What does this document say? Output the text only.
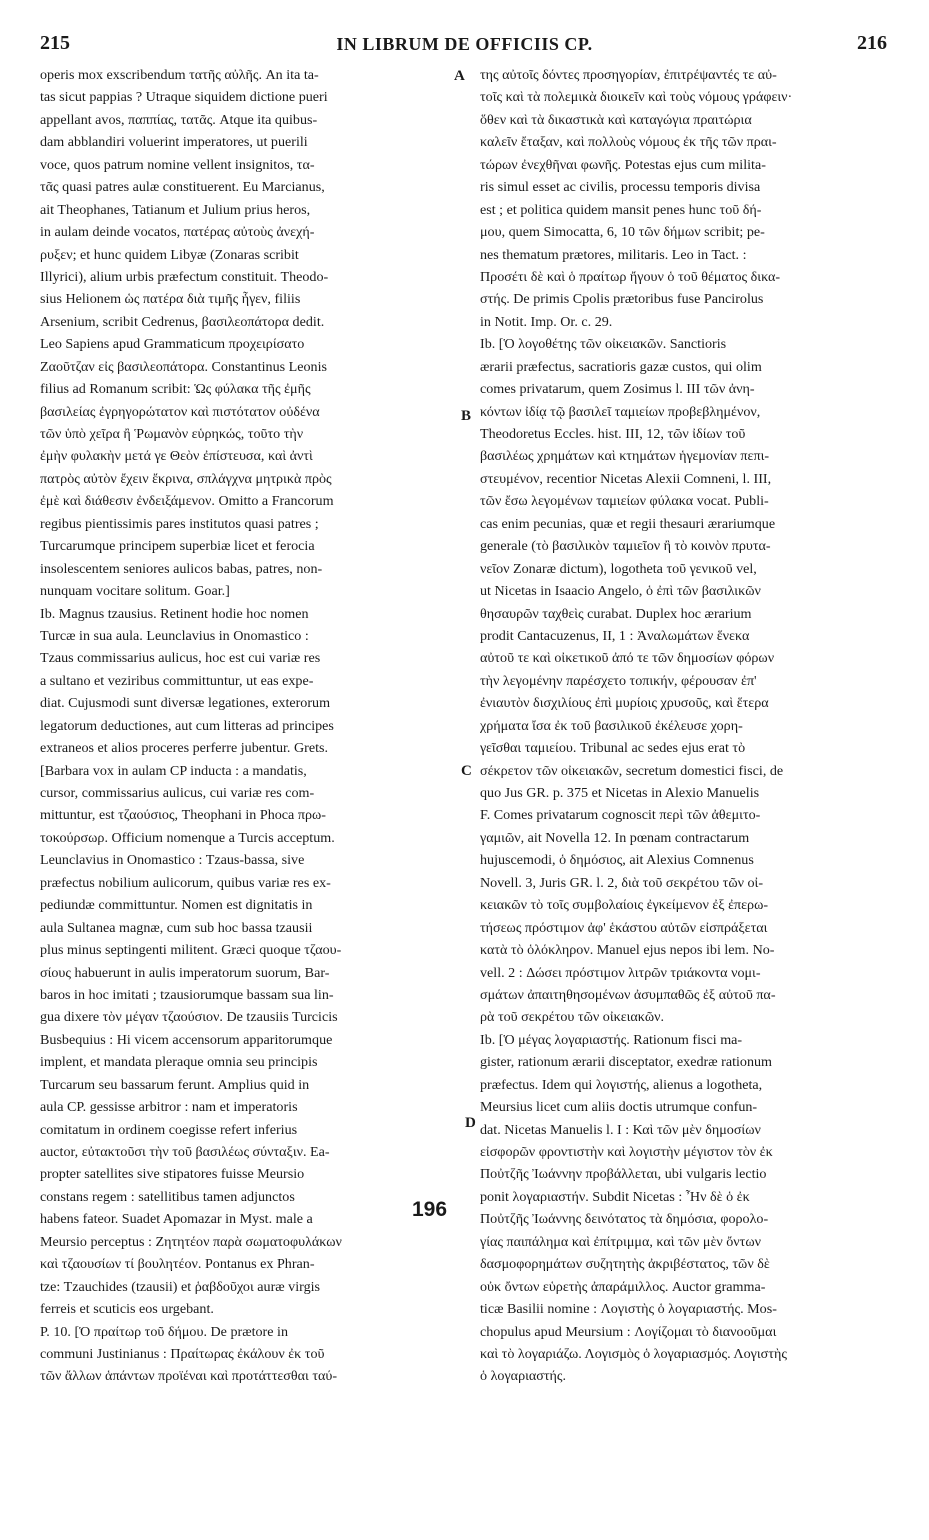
215	IN LIBRUM DE OFFICIIS CP.	216
operis mox exscribendum τατῆς αὐλῆς. An ita ta-
tas sicut pappias ? Utraque siquidem dictione pueri
appellant avos, παππίας, τατᾶς. Atque ita quibus-
dam abblandiri voluerint imperatores, ut puerili
voce, quos patrum nomine vellent insignitos, τα-
τᾶς quasi patres aulæ constituerent. Eu Marcianus,
ait Theophanes, Tatianum et Julium prius heros,
in aulam deinde vocatos, πατέρας αὐτοὺς ἀνεχή-
ρυξεν; et hunc quidem Libyæ (Zonaras scribit
Illyrici), alium urbis præfectum constituit. Theodo-
sius Helionem ὡς πατέρα διὰ τιμῆς ἦγεν, filiis
Arsenium, scribit Cedrenus, βασιλεοπάτορα dedit.
Leo Sapiens apud Grammaticum προχειρίσατο
Ζαοῦτζαν εἰς βασιλεοπάτορα. Constantinus Leonis
filius ad Romanum scribit: Ὡς φύλακα τῆς ἐμῆς
βασιλείας ἐγρηγορώτατον καὶ πιστότατον οὐδένα
τῶν ὑπὸ χεῖρα ἢ Ῥωμανὸν εὑρηκώς, τοῦτο τὴν
ἐμὴν φυλακὴν μετά γε Θεὸν ἐπίστευσα, καὶ ἀντὶ
πατρὸς αὐτὸν ἔχειν ἔκρινα, σπλάγχνα μητρικὰ πρὸς
ἐμὲ καὶ διάθεσιν ἐνδειξάμενον. Omitto a Francorum
regibus pientissimis pares institutos quasi patres ;
Turcarumque principem superbiæ licet et ferocia
insolescentem seniores aulicos babas, patres, non-
nunquam vocitare solitum. Goar.]
Ib. Magnus tzausius. Retinent hodie hoc nomen
Turcæ in sua aula. Leunclavius in Onomastico :
Tzaus commissarius aulicus, hoc est cui variæ res
a sultano et veziribus committuntur, ut eas expe-
diat. Cujusmodi sunt diversæ legationes, exterorum
legatorum deductiones, aut cum litteras ad principes
extraneos et alios proceres perferre jubentur. Grets.
[Barbara vox in aulam CP inducta : a mandatis,
cursor, commissarius aulicus, cui variæ res com-
mittuntur, est τζαούσιος, Theophani in Phoca πρω-
τοκούρσωρ. Officium nomenque a Turcis acceptum.
Leunclavius in Onomastico : Tzaus-bassa, sive
præfectus nobilium aulicorum, quibus variæ res ex-
pediundæ committuntur. Nomen est dignitatis in
aula Sultanea magnæ, cum sub hoc bassa tzausii
plus minus septingenti militent. Græci quoque τζαου-
σίους habuerunt in aulis imperatorum suorum, Bar-
baros in hoc imitati ; tzausiorumque bassam sua lin-
gua dixere τὸν μέγαν τζαούσιον. De tzausiis Turcicis
Busbequius : Hi vicem accensorum apparitorumque
implent, et mandata pleraque omnia seu principis
Turcarum seu bassarum ferunt. Amplius quid in
aula CP. gessisse arbitror : nam et imperatoris
comitatum in ordinem coegisse refert inferius
auctor, εὐτακτοῦσι τὴν τοῦ βασιλέως σύνταξιν. Ea-
propter satellites sive stipatores fuisse Meursio
constans regem : satellitibus tamen adjunctos
habens fateor. Suadet Apomazar in Myst. male a
Meursio perceptus : Ζητητέον παρὰ σωματοφυλάκων
καὶ τζαουσίων τί βουλητέον. Pontanus ex Phran-
tze: Tzauchides (tzausii) et ῥαβδοῦχοι auræ virgis
ferreis et scuticis eos urgebant.
P. 10. [Ὁ πραίτωρ τοῦ δήμου. De prætore in
communi Justinianus : Πραίτωρας ἐκάλουν ἐκ τοῦ
τῶν ἄλλων ἁπάντων προϊέναι καὶ προτάττεσθαι ταύ-
της αὐτοῖς δόντες προσηγορίαν, ἐπιτρέψαντές τε αὐ-
τοῖς καὶ τὰ πολεμικὰ διοικεῖν καὶ τοὺς νόμους γράφειν·
ὅθεν καὶ τὰ δικαστικὰ καὶ καταγώγια πραιτώρια
καλεῖν ἔταξαν, καὶ πολλοὺς νόμους ἐκ τῆς τῶν πραι-
τώρων ἐνεχθῆναι φωνῆς. Potestas ejus cum milita-
ris simul esset ac civilis, processu temporis divisa
est ; et politica quidem mansit penes hunc τοῦ δή-
μου, quem Simocatta, 6, 10 τῶν δήμων scribit; pe-
nes thematum prætores, militaris. Leo in Tact. :
Προσέτι δὲ καὶ ὁ πραίτωρ ἤγουν ὁ τοῦ θέματος δικα-
στής. De primis Cpolis prætoribus fuse Pancirolus
in Notit. Imp. Or. c. 29.
Ib. [Ὁ λογοθέτης τῶν οἰκειακῶν. Sanctioris
ærarii præfectus, sacratioris gazæ custos, qui olim
comes privatarum, quem Zosimus l. III τῶν ἀνη-
κόντων ἰδίᾳ τῷ βασιλεῖ ταμιείων προβεβλημένον,
Theodoretus Eccles. hist. III, 12, τῶν ἰδίων τοῦ
βασιλέως χρημάτων καὶ κτημάτων ἡγεμονίαν πεπι-
στευμένον, recentior Nicetas Alexii Comneni, l. III,
τῶν ἔσω λεγομένων ταμιείων φύλακα vocat. Publi-
cas enim pecunias, quæ et regii thesauri ærariumque
generale (τὸ βασιλικὸν ταμιεῖον ἢ τὸ κοινὸν πρυτα-
νεῖον Zonaræ dictum), logotheta τοῦ γενικοῦ vel,
ut Nicetas in Isaacio Angelo, ὁ ἐπὶ τῶν βασιλικῶν
θησαυρῶν ταχθεὶς curabat. Duplex hoc ærarium
prodit Cantacuzenus, II, 1 : Ἀναλωμάτων ἕνεκα
αὐτοῦ τε καὶ οἰκετικοῦ ἀπό τε τῶν δημοσίων φόρων
τὴν λεγομένην παρέσχετο τοπικήν, φέρουσαν ἐπ'
ἐνιαυτὸν δισχιλίους ἐπὶ μυρίοις χρυσοῦς, καὶ ἕτερα
χρήματα ἴσα ἐκ τοῦ βασιλικοῦ ἐκέλευσε χορη-
γεῖσθαι ταμιείου. Tribunal ac sedes ejus erat τὸ
σέκρετον τῶν οἰκειακῶν, secretum domestici fisci, de
quo Jus GR. p. 375 et Nicetas in Alexio Manuelis
F. Comes privatarum cognoscit περὶ τῶν ἀθεμιτο-
γαμιῶν, ait Novella 12. In pœnam contractarum
hujuscemodi, ὁ δημόσιος, ait Alexius Comnenus
Novell. 3, Juris GR. l. 2, διὰ τοῦ σεκρέτου τῶν οἰ-
κειακῶν τὸ τοῖς συμβολαίοις ἐγκείμενον ἐξ ἐπερω-
τήσεως πρόστιμον ἀφ' ἑκάστου αὐτῶν εἰσπράξεται
κατὰ τὸ ὁλόκληρον. Manuel ejus nepos ibi lem. No-
vell. 2 : Δώσει πρόστιμον λιτρῶν τριάκοντα νομι-
σμάτων ἀπαιτηθησομένων ἀσυμπαθῶς ἐξ αὐτοῦ πα-
ρὰ τοῦ σεκρέτου τῶν οἰκειακῶν.
Ib. [Ὁ μέγας λογαριαστής. Rationum fisci ma-
gister, rationum ærarii disceptator, exedræ rationum
præfectus. Idem qui λογιστής, alienus a logotheta,
Meursius licet cum aliis doctis utrumque confun-
dat. Nicetas Manuelis l. I : Καὶ τῶν μὲν δημοσίων
εἰσφορῶν φροντιστὴν καὶ λογιστὴν μέγιστον τὸν ἐκ
Ποὐτζῆς Ἰωάννην προβάλλεται, ubi vulgaris lectio
ponit λογαριαστήν. Subdit Nicetas : Ἦν δὲ ὁ ἐκ
Ποὐτζῆς Ἰωάννης δεινότατος τὰ δημόσια, φορολο-
γίας παιπάλημα καὶ ἐπίτριμμα, καὶ τῶν μὲν ὄντων
δασμοφορημάτων συζητητὴς ἀκριβέστατος, τῶν δὲ
οὐκ ὄντων εὑρετὴς ἀπαράμιλλος. Auctor gramma-
ticæ Basilii nomine : Λογιστὴς ὁ λογαριαστής. Mos-
chopulus apud Meursium : Λογίζομαι τὸ διανοοῦμαι
καὶ τὸ λογαριάζω. Λογισμὸς ὁ λογαριασμός. Λογιστὴς
ὁ λογαριαστής.
A
B
C
D
196
